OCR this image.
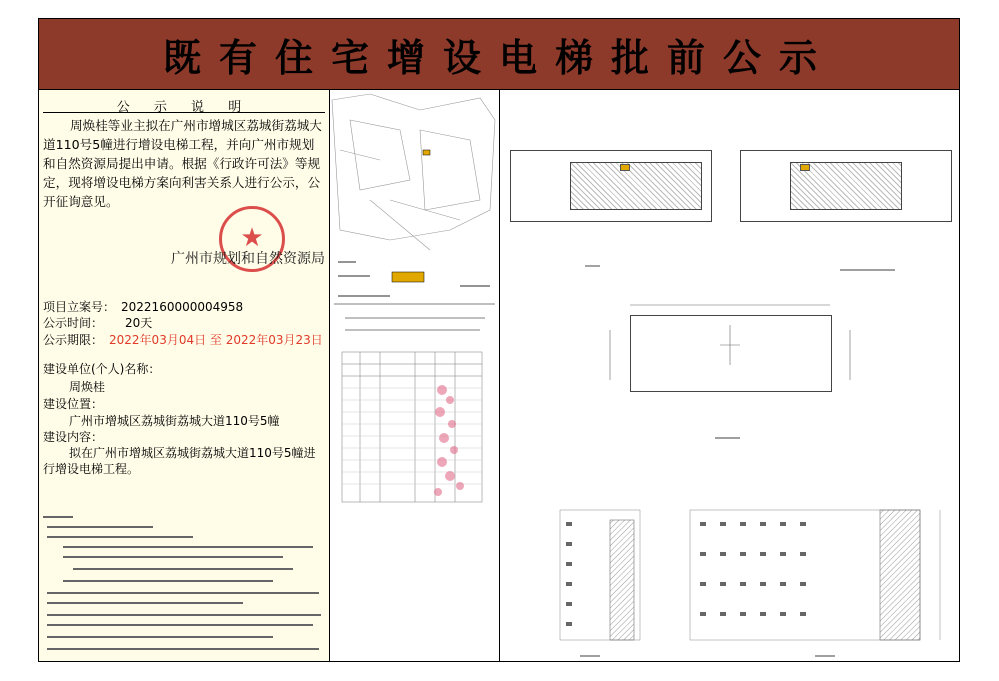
既有住宅增设电梯批前公示
公 示 说 明
周焕桂等业主拟在广州市增城区荔城街荔城大道110号5幢进行增设电梯工程，并向广州市规划和自然资源局提出申请。根据《行政许可法》等规定，现将增设电梯方案向利害关系人进行公示，公开征询意见。
★
广州市规划和自然资源局
项目立案号： 2022160000004958
公示时间： 20天
公示期限： 2022年03月04日 至 2022年03月23日
建设单位(个人)名称：
周焕桂
建设位置：
广州市增城区荔城街荔城大道110号5幢
建设内容：
拟在广州市增城区荔城街荔城大道110号5幢进行增设电梯工程。
